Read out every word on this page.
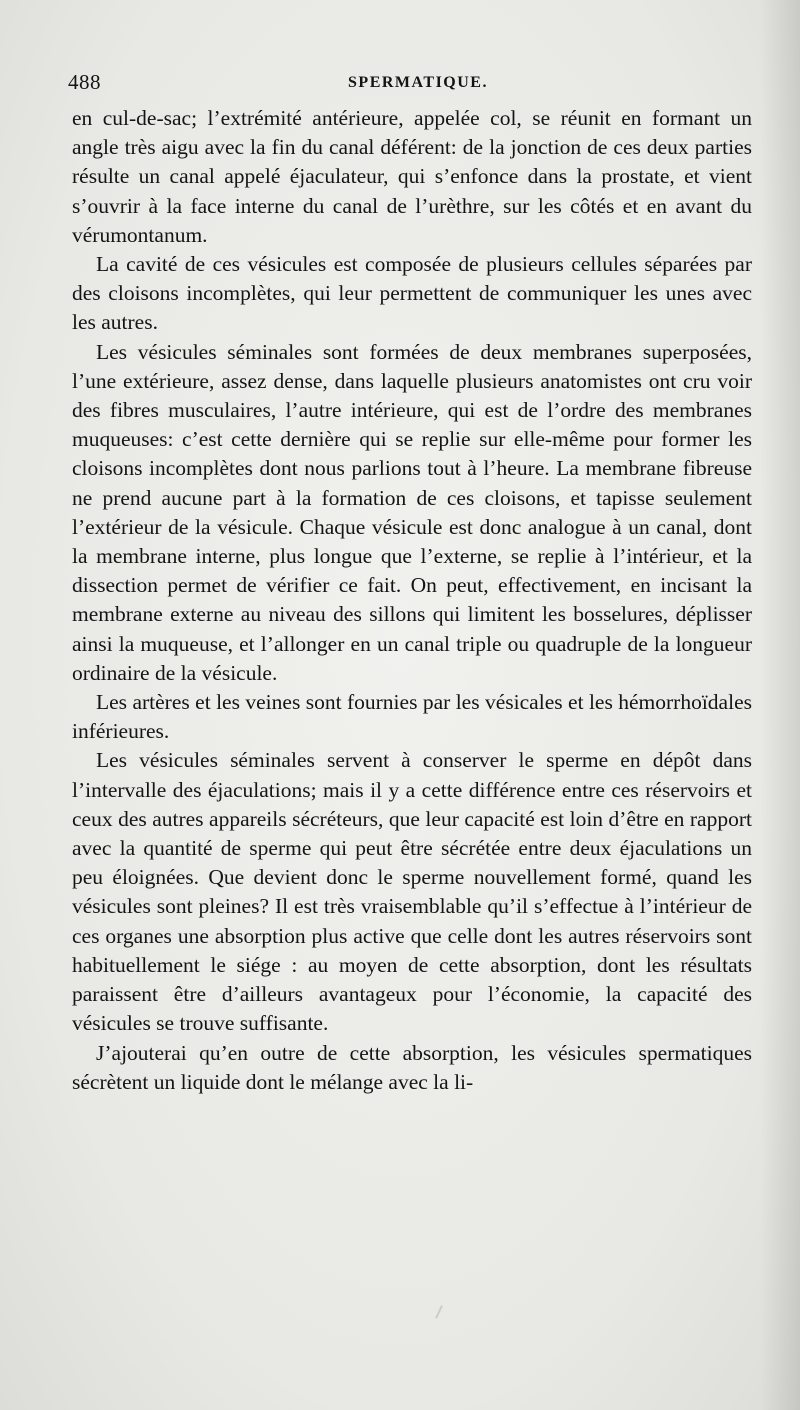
488	SPERMATIQUE.

en cul-de-sac; l’extrémité antérieure, appelée col, se réunit en formant un angle très aigu avec la fin du canal déférent: de la jonction de ces deux parties résulte un canal appelé éjaculateur, qui s’enfonce dans la prostate, et vient s’ouvrir à la face interne du canal de l’urèthre, sur les côtés et en avant du vérumontanum.

La cavité de ces vésicules est composée de plusieurs cellules séparées par des cloisons incomplètes, qui leur permettent de communiquer les unes avec les autres.

Les vésicules séminales sont formées de deux membranes superposées, l’une extérieure, assez dense, dans laquelle plusieurs anatomistes ont cru voir des fibres musculaires, l’autre intérieure, qui est de l’ordre des membranes muqueuses: c’est cette dernière qui se replie sur elle-même pour former les cloisons incomplètes dont nous parlions tout à l’heure. La membrane fibreuse ne prend aucune part à la formation de ces cloisons, et tapisse seulement l’extérieur de la vésicule. Chaque vésicule est donc analogue à un canal, dont la membrane interne, plus longue que l’externe, se replie à l’intérieur, et la dissection permet de vérifier ce fait. On peut, effectivement, en incisant la membrane externe au niveau des sillons qui limitent les bosselures, déplisser ainsi la muqueuse, et l’allonger en un canal triple ou quadruple de la longueur ordinaire de la vésicule.

Les artères et les veines sont fournies par les vésicales et les hémorrhoïdales inférieures.

Les vésicules séminales servent à conserver le sperme en dépôt dans l’intervalle des éjaculations; mais il y a cette différence entre ces réservoirs et ceux des autres appareils sécréteurs, que leur capacité est loin d’être en rapport avec la quantité de sperme qui peut être sécrétée entre deux éjaculations un peu éloignées. Que devient donc le sperme nouvellement formé, quand les vésicules sont pleines? Il est très vraisemblable qu’il s’effectue à l’intérieur de ces organes une absorption plus active que celle dont les autres réservoirs sont habituellement le siége : au moyen de cette absorption, dont les résultats paraissent être d’ailleurs avantageux pour l’économie, la capacité des vésicules se trouve suffisante.

J’ajouterai qu’en outre de cette absorption, les vésicules spermatiques sécrètent un liquide dont le mélange avec la li-
